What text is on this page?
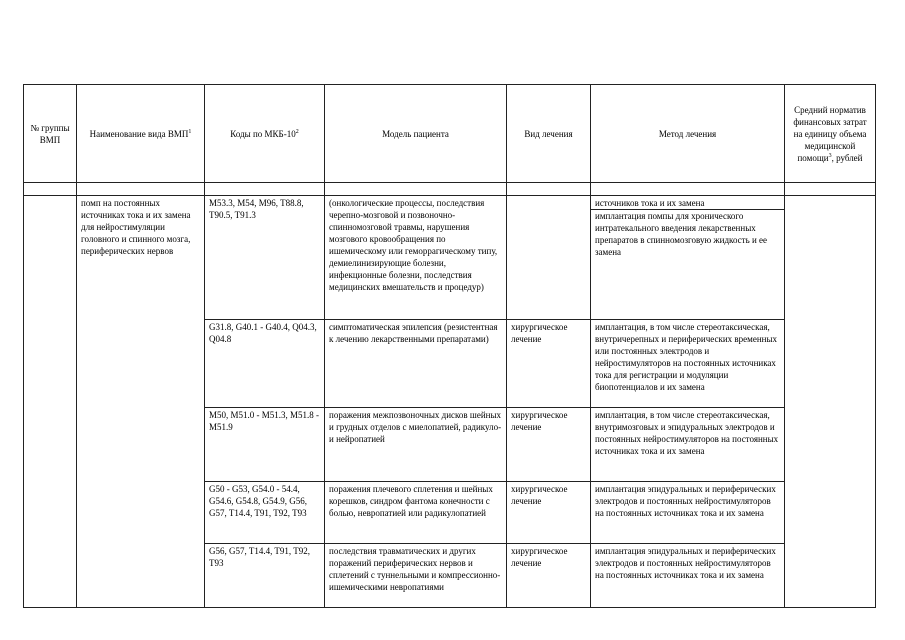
№ группы ВМП	Наименование вида ВМП$^1$	Коды по МКБ-$10^2$	Модель пациента	Вид лечения	Метод лечения	Средний норматив финансовых затрат на единицу объема медицинской помощи$^3$, рублей

	помп на постоянных источниках тока и их замена для нейростимуляции головного и спинного мозга, периферических нервов	M53.3, M54, M96, T88.8, T90.5, T91.3	(онкологические процессы, последствия черепно-мозговой и позвоночно-спинномозговой травмы, нарушения мозгового кровообращения по ишемическому или геморрагическому типу, демиелинизирующие болезни, инфекционные болезни, последствия медицинских вмешательств и процедур)		источников тока и их замена
имплантация помпы для хронического интратекального введения лекарственных препаратов в спинномозговую жидкость и ее замена	

		G31.8, G40.1 - G40.4, Q04.3, Q04.8	симптоматическая эпилепсия (резистентная к лечению лекарственными препаратами)	хирургическое лечение	имплантация, в том числе стереотаксическая, внутричерепных и периферических временных или постоянных электродов и нейростимуляторов на постоянных источниках тока для регистрации и модуляции биопотенциалов и их замена	
		M50, M51.0 - M51.3, M51.8 - M51.9	поражения межпозвоночных дисков шейных и грудных отделов с миелопатией, радикуло- и нейропатией	хирургическое лечение	имплантация, в том числе стереотаксическая, внутримозговых и эпидуральных электродов и постоянных нейростимуляторов на постоянных источниках тока и их замена	
		G50 - G53, G54.0 - 54.4, G54.6, G54.8, G54.9, G56, G57, T14.4, T91, T92, T93	поражения плечевого сплетения и шейных корешков, синдром фантома конечности с болью, невропатией или радикулопатией	хирургическое лечение	имплантация эпидуральных и периферических электродов и постоянных нейростимуляторов на постоянных источниках тока и их замена	
		G56, G57, T14.4, T91, T92, T93	последствия травматических и других поражений периферических нервов и сплетений с туннельными и компрессионно-ишемическими невропатиями	хирургическое лечение	имплантация эпидуральных и периферических электродов и постоянных нейростимуляторов на постоянных источниках тока и их замена	
